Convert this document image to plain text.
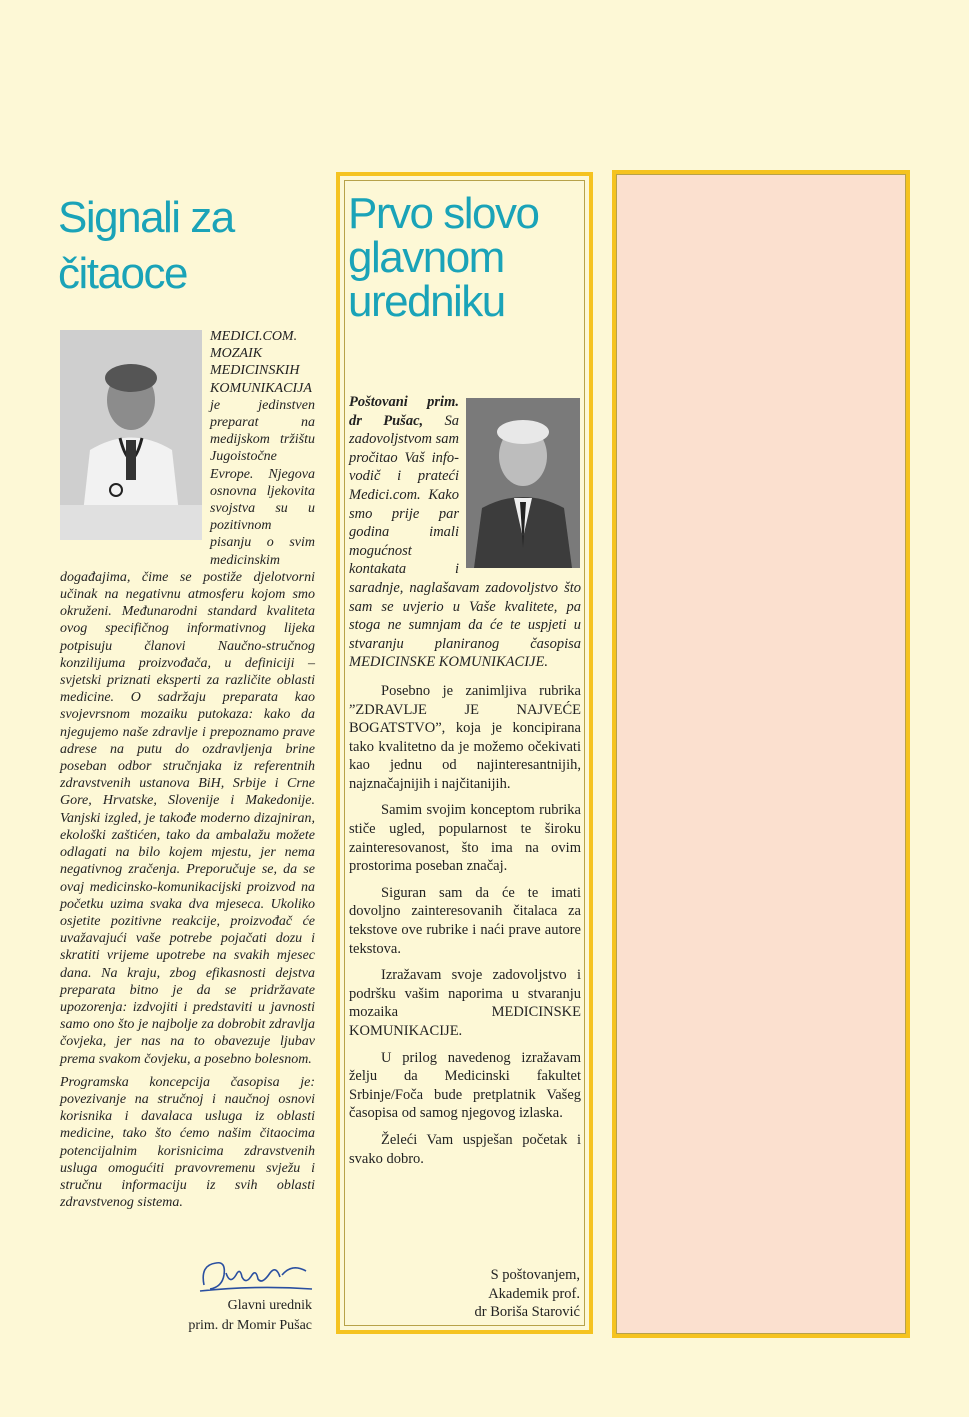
Signali za čitaoce

MEDICI.COM. MOZAIK MEDICINSKIH KOMUNIKACIJA je jedinstven preparat na medijskom tržištu Jugoistočne Evrope. Njegova osnovna ljekovita svojstva su u pozitivnom pisanju o svim medicinskim događajima, čime se postiže djelotvorni učinak na negativnu atmosferu kojom smo okruženi. Međunarodni standard kvaliteta ovog specifičnog informativnog lijeka potpisuju članovi Naučno-stručnog konzilijuma proizvođača, u definiciji – svjetski priznati eksperti za različite oblasti medicine. O sadržaju preparata kao svojevrsnom mozaiku putokaza: kako da njegujemo naše zdravlje i prepoznamo prave adrese na putu do ozdravljenja brine poseban odbor stručnjaka iz referentnih zdravstvenih ustanova BiH, Srbije i Crne Gore, Hrvatske, Slovenije i Makedonije. Vanjski izgled, je takođe moderno dizajniran, ekološki zaštićen, tako da ambalažu možete odlagati na bilo kojem mjestu, jer nema negativnog zračenja. Preporučuje se, da se ovaj medicinsko-komunikacijski proizvod na početku uzima svaka dva mjeseca. Ukoliko osjetite pozitivne reakcije, proizvođač će uvažavajući vaše potrebe pojačati dozu i skratiti vrijeme upotrebe na svakih mjesec dana. Na kraju, zbog efikasnosti dejstva preparata bitno je da se pridržavate upozorenja: izdvojiti i predstaviti u javnosti samo ono što je najbolje za dobrobit zdravlja čovjeka, jer nas na to obavezuje ljubav prema svakom čovjeku, a posebno bolesnom.

Programska koncepcija časopisa je: povezivanje na stručnoj i naučnoj osnovi korisnika i davalaca usluga iz oblasti medicine, tako što ćemo našim čitaocima potencijalnim korisnicima zdravstvenih usluga omogućiti pravovremenu svježu i stručnu informaciju iz svih oblasti zdravstvenog sistema.

Glavni urednik
prim. dr Momir Pušac
Prvo slovo glavnom uredniku

Poštovani prim. dr Pušac, Sa zadovoljstvom sam pročitao Vaš info-vodič i prateći Medici.com. Kako smo prije par godina imali mogućnost kontakata i saradnje, naglašavam zadovoljstvo što sam se uvjerio u Vaše kvalitete, pa stoga ne sumnjam da će te uspjeti u stvaranju planiranog časopisa MEDICINSKE KOMUNIKACIJE.

Posebno je zanimljiva rubrika ”ZDRAVLJE JE NAJVEĆE BOGATSTVO”, koja je koncipirana tako kvalitetno da je možemo očekivati kao jednu od najinteresantnijih, najznačajnijih i najčitanijih.

Samim svojim konceptom rubrika stiče ugled, popularnost te široku zainteresovanost, što ima na ovim prostorima poseban značaj.

Siguran sam da će te imati dovoljno zainteresovanih čitalaca za tekstove ove rubrike i naći prave autore tekstova.

Izražavam svoje zadovoljstvo i podršku vašim naporima u stvaranju mozaika MEDICINSKE KOMUNIKACIJE.

U prilog navedenog izražavam želju da Medicinski fakultet Srbinje/Foča bude pretplatnik Vašeg časopisa od samog njegovog izlaska.

Želeći Vam uspješan početak i svako dobro.

S poštovanjem,
Akademik prof.
dr Boriša Starović
